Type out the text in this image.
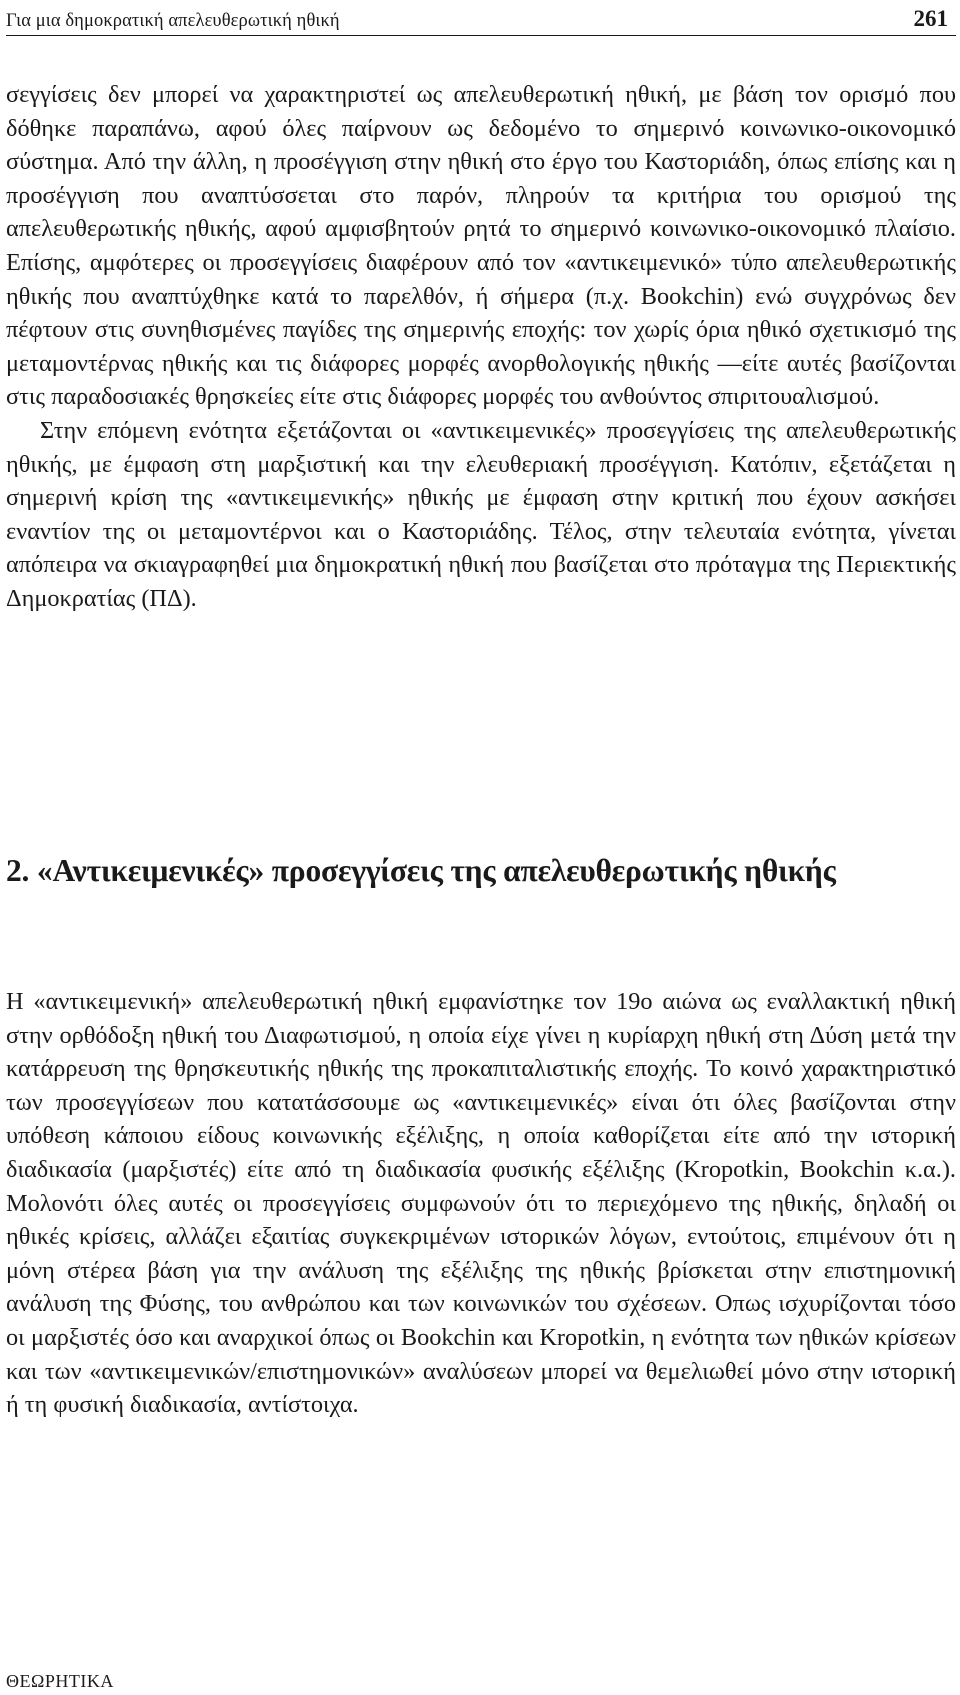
Για μια δημοκρατική απελευθερωτική ηθική	261

σεγγίσεις δεν μπορεί να χαρακτηριστεί ως απελευθερωτική ηθική, με βάση τον ορισμό που δόθηκε παραπάνω, αφού όλες παίρνουν ως δεδομένο το σημερινό κοινωνικο-οικονομικό σύστημα. Από την άλλη, η προσέγγιση στην ηθική στο έργο του Καστοριάδη, όπως επίσης και η προσέγγιση που αναπτύσσεται στο παρόν, πληρούν τα κριτήρια του ορισμού της απελευθερωτικής ηθικής, αφού αμφισβητούν ρητά το σημερινό κοινωνικο-οικονομικό πλαίσιο. Επίσης, αμφότερες οι προσεγγίσεις διαφέρουν από τον «αντικειμενικό» τύπο απελευθερωτικής ηθικής που αναπτύχθηκε κατά το παρελθόν, ή σήμερα (π.χ. Bookchin) ενώ συγχρόνως δεν πέφτουν στις συνηθισμένες παγίδες της σημερινής εποχής: τον χωρίς όρια ηθικό σχετικισμό της μεταμοντέρνας ηθικής και τις διάφορες μορφές ανορθολογικής ηθικής —είτε αυτές βασίζονται στις παραδοσιακές θρησκείες είτε στις διάφορες μορφές του ανθούντος σπιριτουαλισμού.

Στην επόμενη ενότητα εξετάζονται οι «αντικειμενικές» προσεγγίσεις της απελευθερωτικής ηθικής, με έμφαση στη μαρξιστική και την ελευθεριακή προσέγγιση. Κατόπιν, εξετάζεται η σημερινή κρίση της «αντικειμενικής» ηθικής με έμφαση στην κριτική που έχουν ασκήσει εναντίον της οι μεταμοντέρνοι και ο Καστοριάδης. Τέλος, στην τελευταία ενότητα, γίνεται απόπειρα να σκιαγραφηθεί μια δημοκρατική ηθική που βασίζεται στο πρόταγμα της Περιεκτικής Δημοκρατίας (ΠΔ).

2. «Αντικειμενικές» προσεγγίσεις της απελευθερωτικής ηθικής

Η «αντικειμενική» απελευθερωτική ηθική εμφανίστηκε τον 19ο αιώνα ως εναλλακτική ηθική στην ορθόδοξη ηθική του Διαφωτισμού, η οποία είχε γίνει η κυρίαρχη ηθική στη Δύση μετά την κατάρρευση της θρησκευτικής ηθικής της προκαπιταλιστικής εποχής. Το κοινό χαρακτηριστικό των προσεγγίσεων που κατατάσσουμε ως «αντικειμενικές» είναι ότι όλες βασίζονται στην υπόθεση κάποιου είδους κοινωνικής εξέλιξης, η οποία καθορίζεται είτε από την ιστορική διαδικασία (μαρξιστές) είτε από τη διαδικασία φυσικής εξέλιξης (Kropotkin, Bookchin κ.α.). Μολονότι όλες αυτές οι προσεγγίσεις συμφωνούν ότι το περιεχόμενο της ηθικής, δηλαδή οι ηθικές κρίσεις, αλλάζει εξαιτίας συγκεκριμένων ιστορικών λόγων, εντούτοις, επιμένουν ότι η μόνη στέρεα βάση για την ανάλυση της εξέλιξης της ηθικής βρίσκεται στην επιστημονική ανάλυση της Φύσης, του ανθρώπου και των κοινωνικών του σχέσεων. Οπως ισχυρίζονται τόσο οι μαρξιστές όσο και αναρχικοί όπως οι Bookchin και Kropotkin, η ενότητα των ηθικών κρίσεων και των «αντικειμενικών/επιστημονικών» αναλύσεων μπορεί να θεμελιωθεί μόνο στην ιστορική ή τη φυσική διαδικασία, αντίστοιχα.

ΘΕΩΡΗΤΙΚΑ
